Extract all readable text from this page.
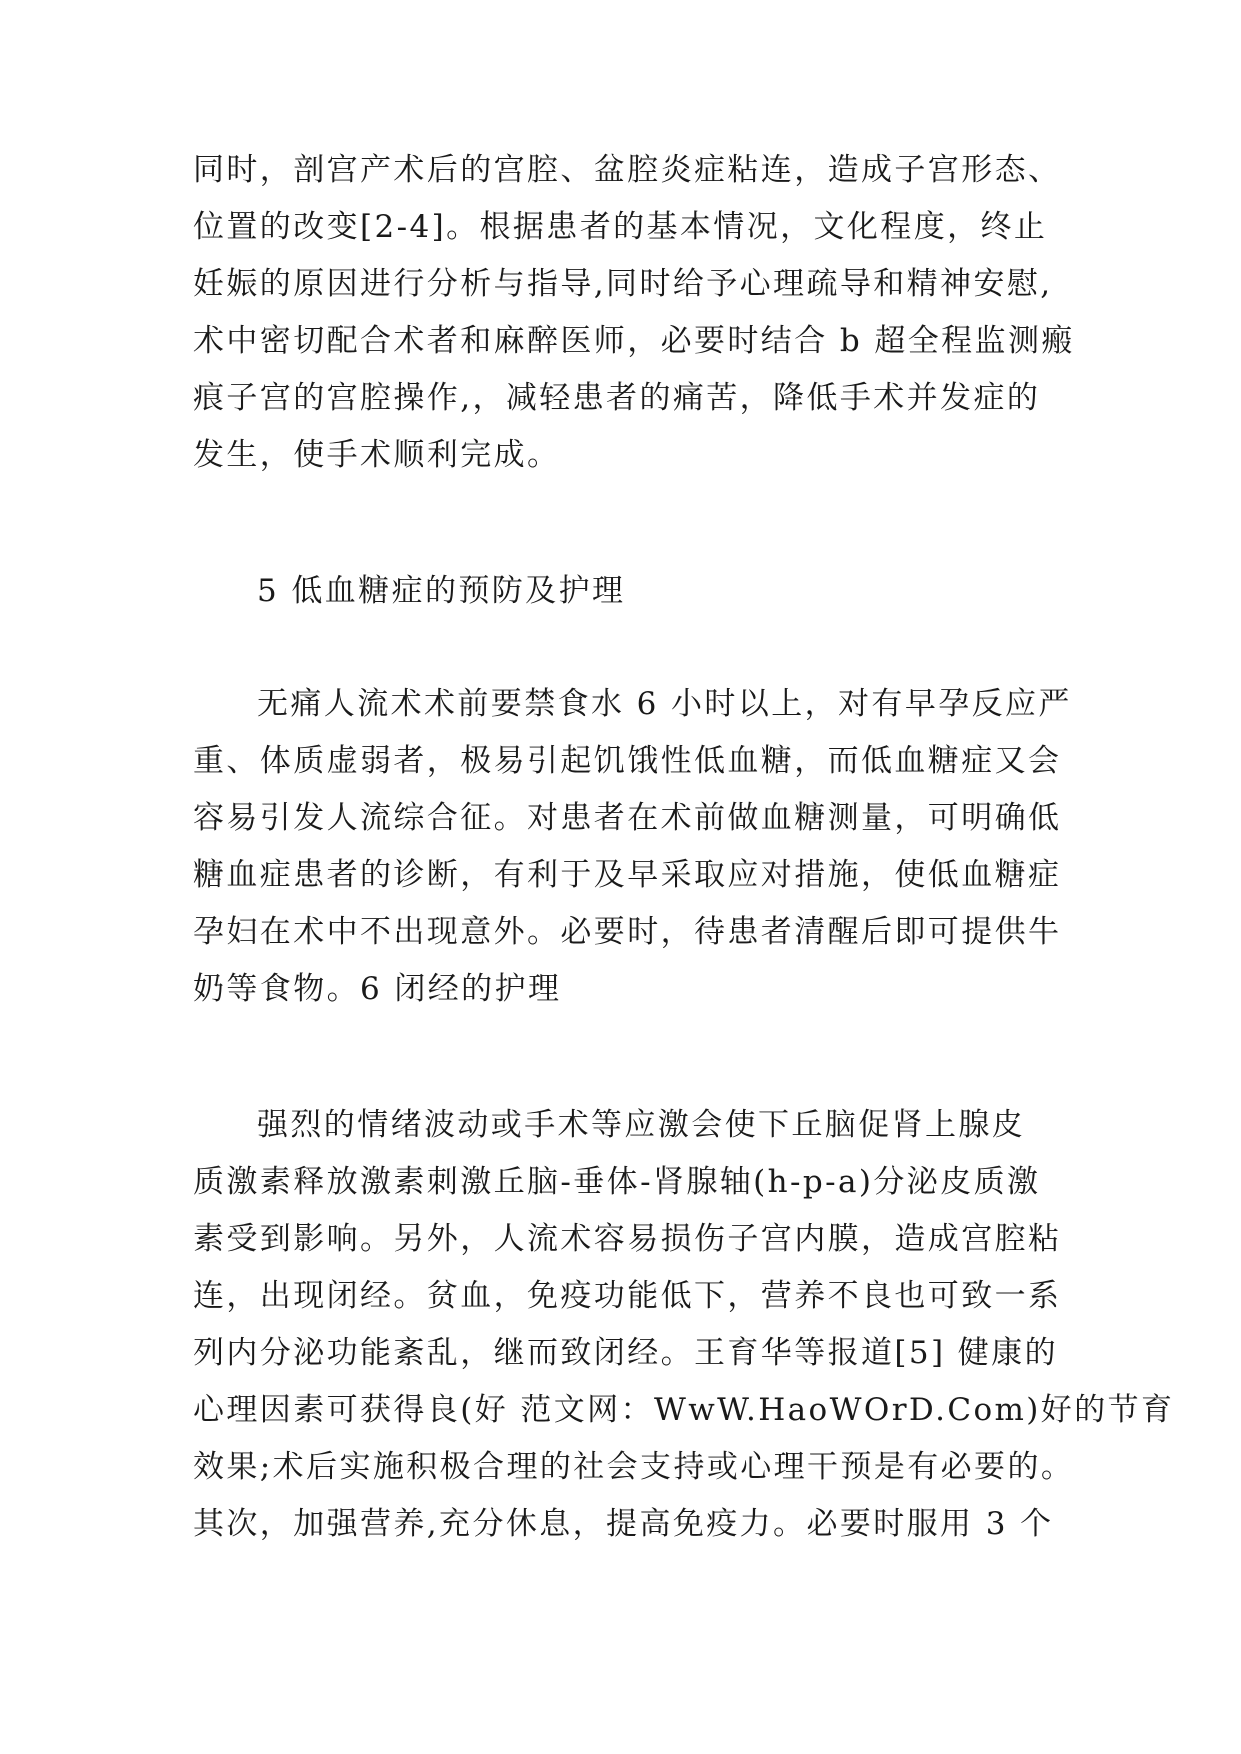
同时，剖宫产术后的宫腔、盆腔炎症粘连，造成子宫形态、
位置的改变[2-4]。根据患者的基本情况，文化程度，终止
妊娠的原因进行分析与指导,同时给予心理疏导和精神安慰,
术中密切配合术者和麻醉医师，必要时结合 b 超全程监测瘢
痕子宫的宫腔操作,，减轻患者的痛苦，降低手术并发症的
发生，使手术顺利完成。
5 低血糖症的预防及护理
无痛人流术术前要禁食水 6 小时以上，对有早孕反应严
重、体质虚弱者，极易引起饥饿性低血糖，而低血糖症又会
容易引发人流综合征。对患者在术前做血糖测量，可明确低
糖血症患者的诊断，有利于及早采取应对措施，使低血糖症
孕妇在术中不出现意外。必要时，待患者清醒后即可提供牛
奶等食物。6 闭经的护理
强烈的情绪波动或手术等应激会使下丘脑促肾上腺皮
质激素释放激素刺激丘脑-垂体-肾腺轴(h-p-a)分泌皮质激
素受到影响。另外，人流术容易损伤子宫内膜，造成宫腔粘
连，出现闭经。贫血，免疫功能低下，营养不良也可致一系
列内分泌功能紊乱，继而致闭经。王育华等报道[5] 健康的
心理因素可获得良(好 范文网：WwW.HaoWOrD.Com)好的节育
效果;术后实施积极合理的社会支持或心理干预是有必要的。
其次，加强营养,充分休息，提高免疫力。必要时服用 3 个
